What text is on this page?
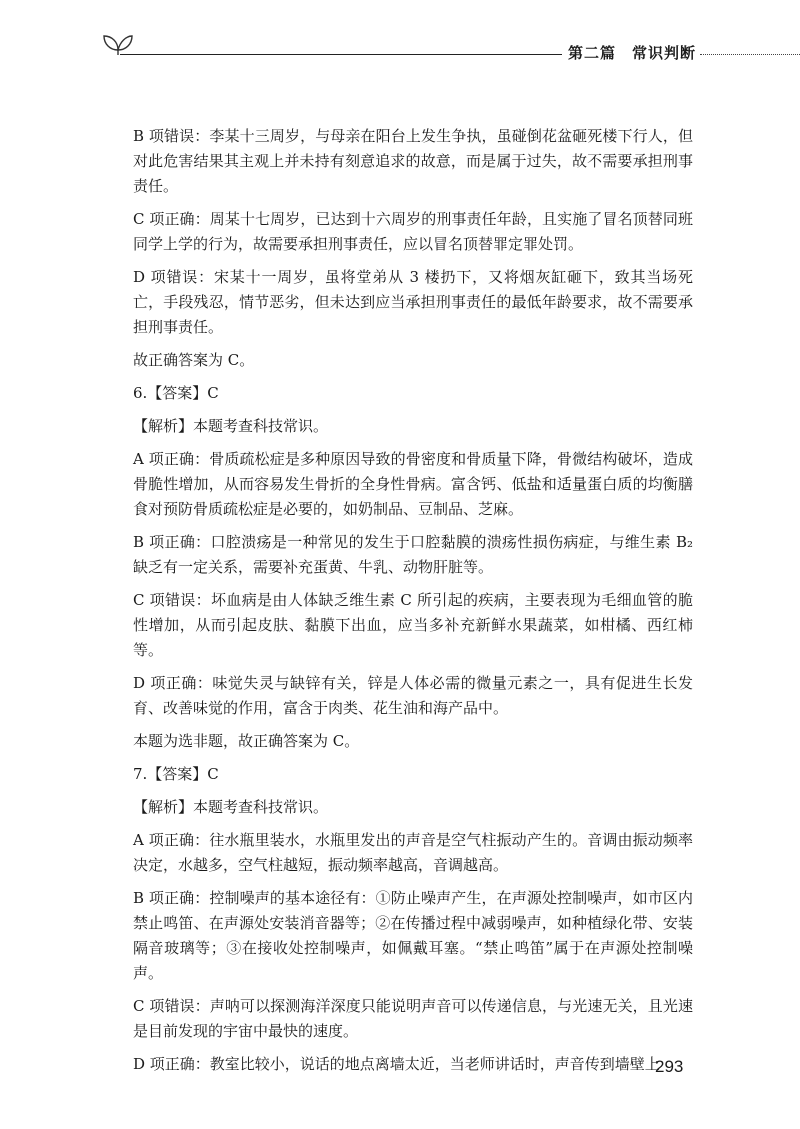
第二篇　常识判断

B 项错误：李某十三周岁，与母亲在阳台上发生争执，虽碰倒花盆砸死楼下行人，但对此危害结果其主观上并未持有刻意追求的故意，而是属于过失，故不需要承担刑事责任。

C 项正确：周某十七周岁，已达到十六周岁的刑事责任年龄，且实施了冒名顶替同班同学上学的行为，故需要承担刑事责任，应以冒名顶替罪定罪处罚。

D 项错误：宋某十一周岁，虽将堂弟从 3 楼扔下，又将烟灰缸砸下，致其当场死亡，手段残忍，情节恶劣，但未达到应当承担刑事责任的最低年龄要求，故不需要承担刑事责任。

故正确答案为 C。

6.【答案】C

【解析】本题考查科技常识。

A 项正确：骨质疏松症是多种原因导致的骨密度和骨质量下降，骨微结构破坏，造成骨脆性增加，从而容易发生骨折的全身性骨病。富含钙、低盐和适量蛋白质的均衡膳食对预防骨质疏松症是必要的，如奶制品、豆制品、芝麻。

B 项正确：口腔溃疡是一种常见的发生于口腔黏膜的溃疡性损伤病症，与维生素 B₂ 缺乏有一定关系，需要补充蛋黄、牛乳、动物肝脏等。

C 项错误：坏血病是由人体缺乏维生素 C 所引起的疾病，主要表现为毛细血管的脆性增加，从而引起皮肤、黏膜下出血，应当多补充新鲜水果蔬菜，如柑橘、西红柿等。

D 项正确：味觉失灵与缺锌有关，锌是人体必需的微量元素之一，具有促进生长发育、改善味觉的作用，富含于肉类、花生油和海产品中。

本题为选非题，故正确答案为 C。

7.【答案】C

【解析】本题考查科技常识。

A 项正确：往水瓶里装水，水瓶里发出的声音是空气柱振动产生的。音调由振动频率决定，水越多，空气柱越短，振动频率越高，音调越高。

B 项正确：控制噪声的基本途径有：①防止噪声产生，在声源处控制噪声，如市区内禁止鸣笛、在声源处安装消音器等；②在传播过程中减弱噪声，如种植绿化带、安装隔音玻璃等；③在接收处控制噪声，如佩戴耳塞。“禁止鸣笛”属于在声源处控制噪声。

C 项错误：声呐可以探测海洋深度只能说明声音可以传递信息，与光速无关，且光速是目前发现的宇宙中最快的速度。

D 项正确：教室比较小，说话的地点离墙太近，当老师讲话时，声音传到墙壁上

293
